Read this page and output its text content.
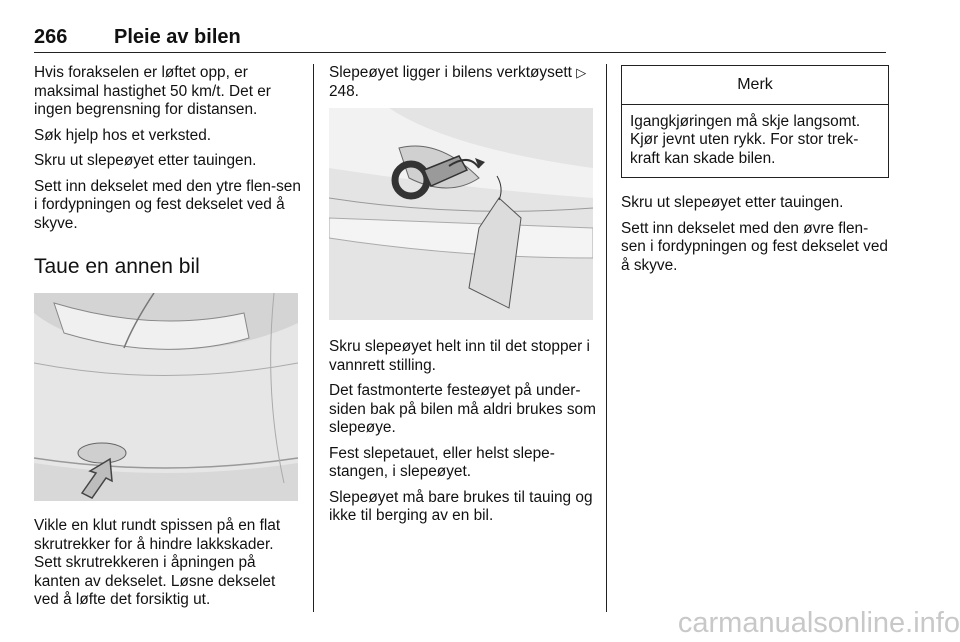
266 Pleie av bilen

Hvis forakselen er løftet opp, er maksimal hastighet 50 km/t. Det er ingen begrensning for distansen.

Søk hjelp hos et verksted.

Skru ut slepeøyet etter tauingen.

Sett inn dekselet med den ytre flen-sen i fordypningen og fest dekselet ved å skyve.

Taue en annen bil

Vikle en klut rundt spissen på en flat skrutrekker for å hindre lakkskader. Sett skrutrekkeren i åpningen på kanten av dekselet. Løsne dekselet ved å løfte det forsiktig ut.

Slepeøyet ligger i bilens verktøysett ▷ 248.

Skru slepeøyet helt inn til det stopper i vannrett stilling.

Det fastmonterte festeøyet på under-siden bak på bilen må aldri brukes som slepeøye.

Fest slepetauet, eller helst slepe-stangen, i slepeøyet.

Slepeøyet må bare brukes til tauing og ikke til berging av en bil.

Merk

Igangkjøringen må skje langsomt. Kjør jevnt uten rykk. For stor trek-kraft kan skade bilen.

Skru ut slepeøyet etter tauingen.

Sett inn dekselet med den øvre flen-sen i fordypningen og fest dekselet ved å skyve.

carmanualsonline.info
